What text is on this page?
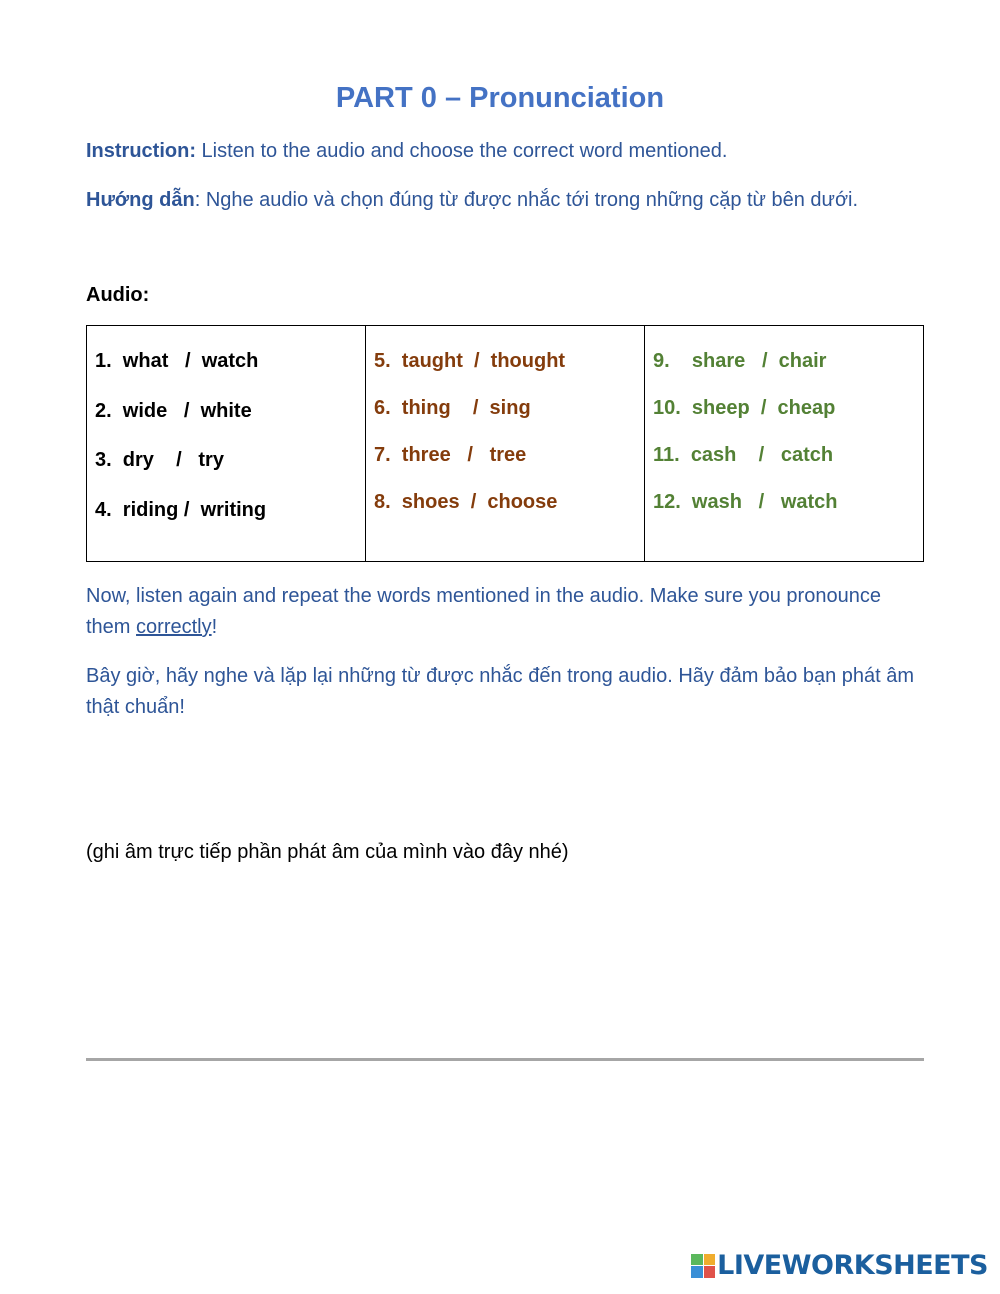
PART 0 – Pronunciation

Instruction: Listen to the audio and choose the correct word mentioned.

Hướng dẫn: Nghe audio và chọn đúng từ được nhắc tới trong những cặp từ bên dưới.

Audio:

1.  what   /  watch
2.  wide   /  white
3.  dry    /   try
4.  riding /  writing

5.  taught  /  thought
6.  thing    /  sing
7.  three   /   tree
8.  shoes  /  choose

9.    share   /  chair
10.  sheep  /  cheap
11.  cash    /   catch
12.  wash   /   watch

Now, listen again and repeat the words mentioned in the audio. Make sure you pronounce them correctly!

Bây giờ, hãy nghe và lặp lại những từ được nhắc đến trong audio. Hãy đảm bảo bạn phát âm thật chuẩn!

(ghi âm trực tiếp phần phát âm của mình vào đây nhé)

LIVEWORKSHEETS
